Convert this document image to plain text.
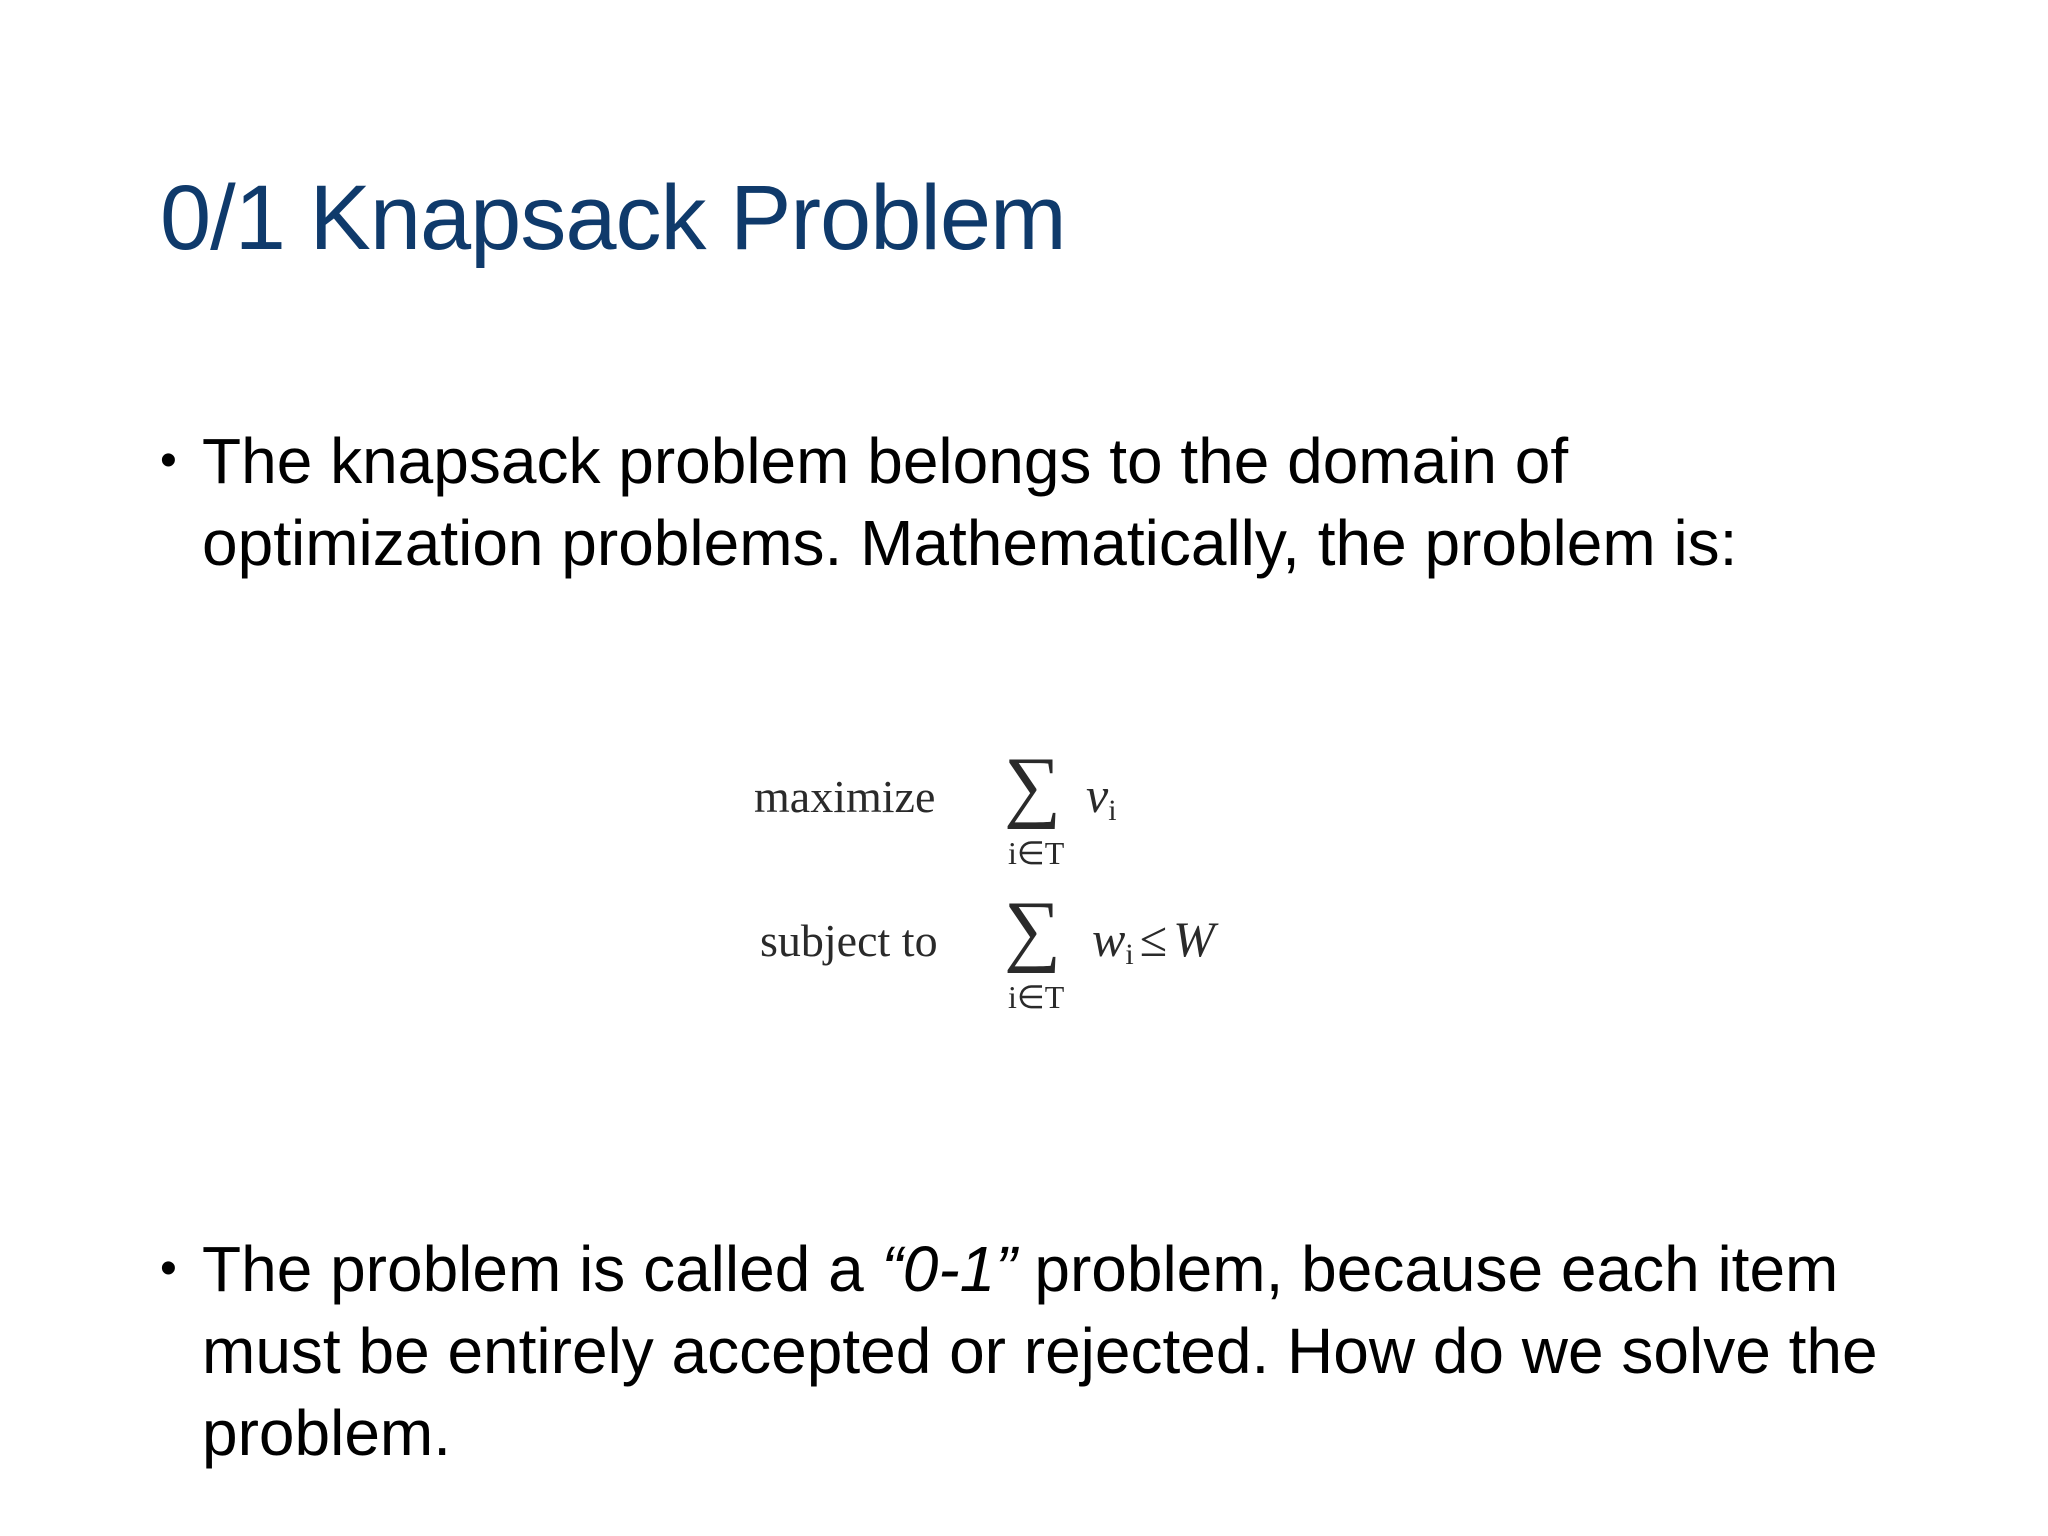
0/1 Knapsack Problem
• The knapsack problem belongs to the domain of optimization problems. Mathematically, the problem is:
maximize ∑
i∈T
vi
subject to ∑
i∈T
wi ≤ W
• The problem is called a “0-1” problem, because each item must be entirely accepted or rejected. How do we solve the problem.
